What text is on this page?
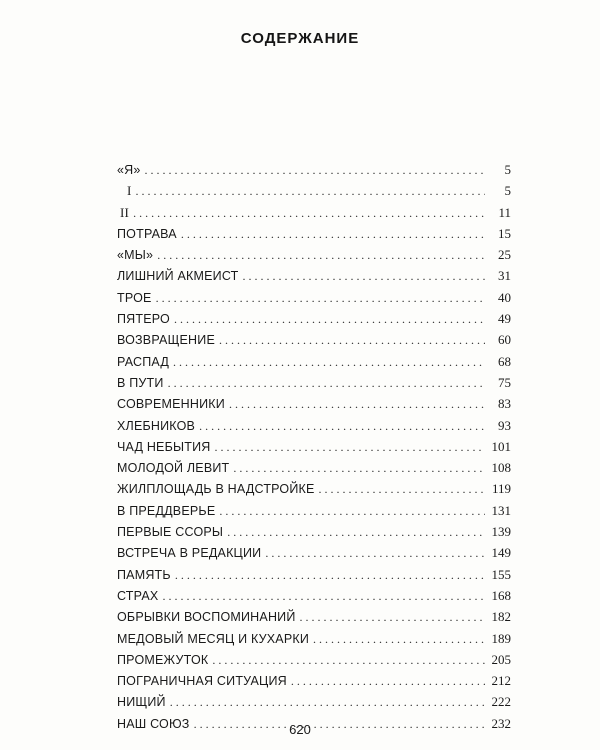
СОДЕРЖАНИЕ
«Я» . . .	5
I . . .	5
II . . .	11
ПОТРАВА . . .	15
«МЫ» . . .	25
ЛИШНИЙ АКМЕИСТ . . .	31
ТРОЕ . . .	40
ПЯТЕРО . . .	49
ВОЗВРАЩЕНИЕ . . .	60
РАСПАД . . .	68
В ПУТИ . . .	75
СОВРЕМЕННИКИ . . .	83
ХЛЕБНИКОВ . . .	93
ЧАД НЕБЫТИЯ . . .	101
МОЛОДОЙ ЛЕВИТ . . .	108
ЖИЛПЛОЩАДЬ В НАДСТРОЙКЕ . . .	119
В ПРЕДДВЕРЬЕ . . .	131
ПЕРВЫЕ ССОРЫ . . .	139
ВСТРЕЧА В РЕДАКЦИИ . . .	149
ПАМЯТЬ . . .	155
СТРАХ . . .	168
ОБРЫВКИ ВОСПОМИНАНИЙ . . .	182
МЕДОВЫЙ МЕСЯЦ И КУХАРКИ . . .	189
ПРОМЕЖУТОК . . .	205
ПОГРАНИЧНАЯ СИТУАЦИЯ . . .	212
НИЩИЙ . . .	222
НАШ СОЮЗ . . .	232
620
